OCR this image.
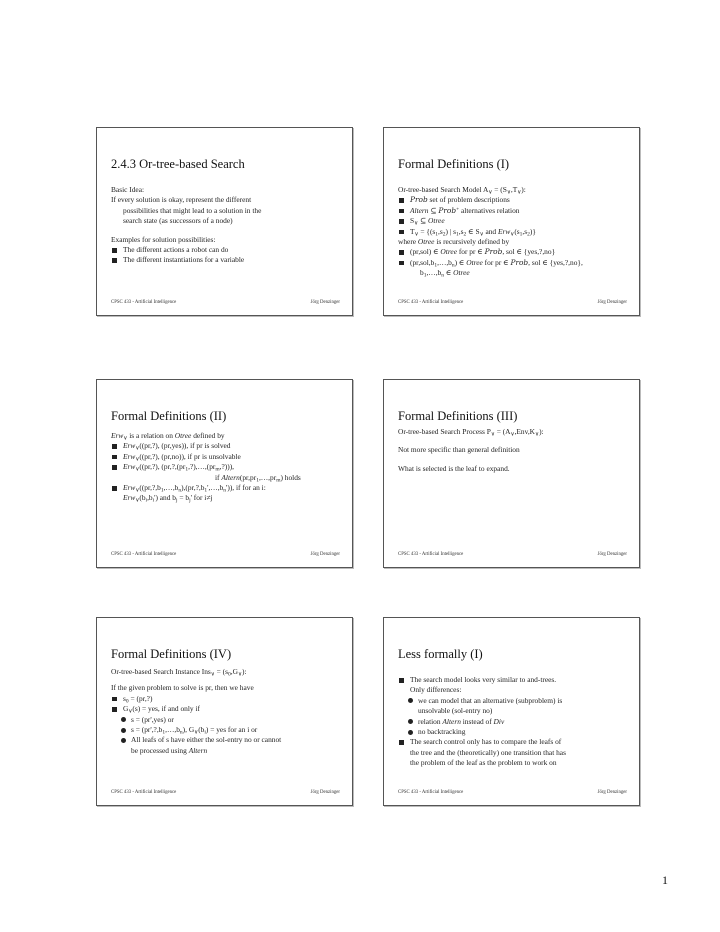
2.4.3 Or-tree-based Search

Basic Idea:

If every solution is okay, represent the different

possibilities that might lead to a solution in the

search state (as successors of a node)

Examples for solution possibilities:

The different actions a robot can do

The different instantiations for a variable

CPSC 433 - Artificial Intelligence	Jörg Denzinger
Formal Definitions (I)

Or-tree-based Search Model $A_\vee = (S_\vee,T_\vee)$:

Prob set of problem descriptions

Altern ⊆ Prob+ alternatives relation

$S_\vee$ ⊆ Otree

$T_\vee = \{(s_1,s_2)$ | $s_1,s_2$ ∈ $S_\vee$ and $Erw_\vee(s_1,s_2)$}

where Otree is recursively defined by

(pr,sol) ∈ Otree for pr ∈ Prob, sol ∈ {yes,?,no}

$(pr,sol,b_1,\dots,b_n)$ ∈ Otree for pr ∈ Prob, sol ∈ {yes,?,no},

$b_1,\dots,b_n$ ∈ Otree

CPSC 433 - Artificial Intelligence	Jörg Denzinger
Formal Definitions (II)

Erw$_\vee$ is a relation on Otree defined by

Erw$_\vee$((pr,?), (pr,yes)), if pr is solved

Erw$_\vee$((pr,?), (pr,no)), if pr is unsolvable

Erw$_\vee$((pr,?), $(pr,?,(pr_1,?),\dots,(pr_m,?))$),

if $Altern(pr,pr_1,\dots,pr_m)$ holds

$Erw_\vee((pr,?,b_1,\dots,b_n),(pr,?,b_1',\dots,b_n'))$, if for an i:

$Erw_\vee(b_i,b_i')$ and $b_j = b_j'$ for i≠j

CPSC 433 - Artificial Intelligence	Jörg Denzinger
Formal Definitions (III)

Or-tree-based Search Process $P_\vee = (A_\vee,Env,K_\vee)$:

Not more specific than general definition

What is selected is the leaf to expand.

CPSC 433 - Artificial Intelligence	Jörg Denzinger
Formal Definitions (IV)

Or-tree-based Search Instance $Ins_\vee = (s_0,G_\vee)$:

If the given problem to solve is pr, then we have

$s_0$ = (pr,?)

$G_\vee(s)$ = yes, if and only if

s = (pr',yes) or

$s = (pr',?,b_1,\dots,b_n)$, $G_\vee(b_i)$ = yes for an i or

All leafs of s have either the sol-entry no or cannot

be processed using Altern

CPSC 433 - Artificial Intelligence	Jörg Denzinger
Less formally (I)

The search model looks very similar to and-trees.

Only differences:

we can model that an alternative (subproblem) is

unsolvable (sol-entry no)

relation Altern instead of Div

no backtracking

The search control only has to compare the leafs of

the tree and the (theoretically) one transition that has

the problem of the leaf as the problem to work on

CPSC 433 - Artificial Intelligence	Jörg Denzinger
1
